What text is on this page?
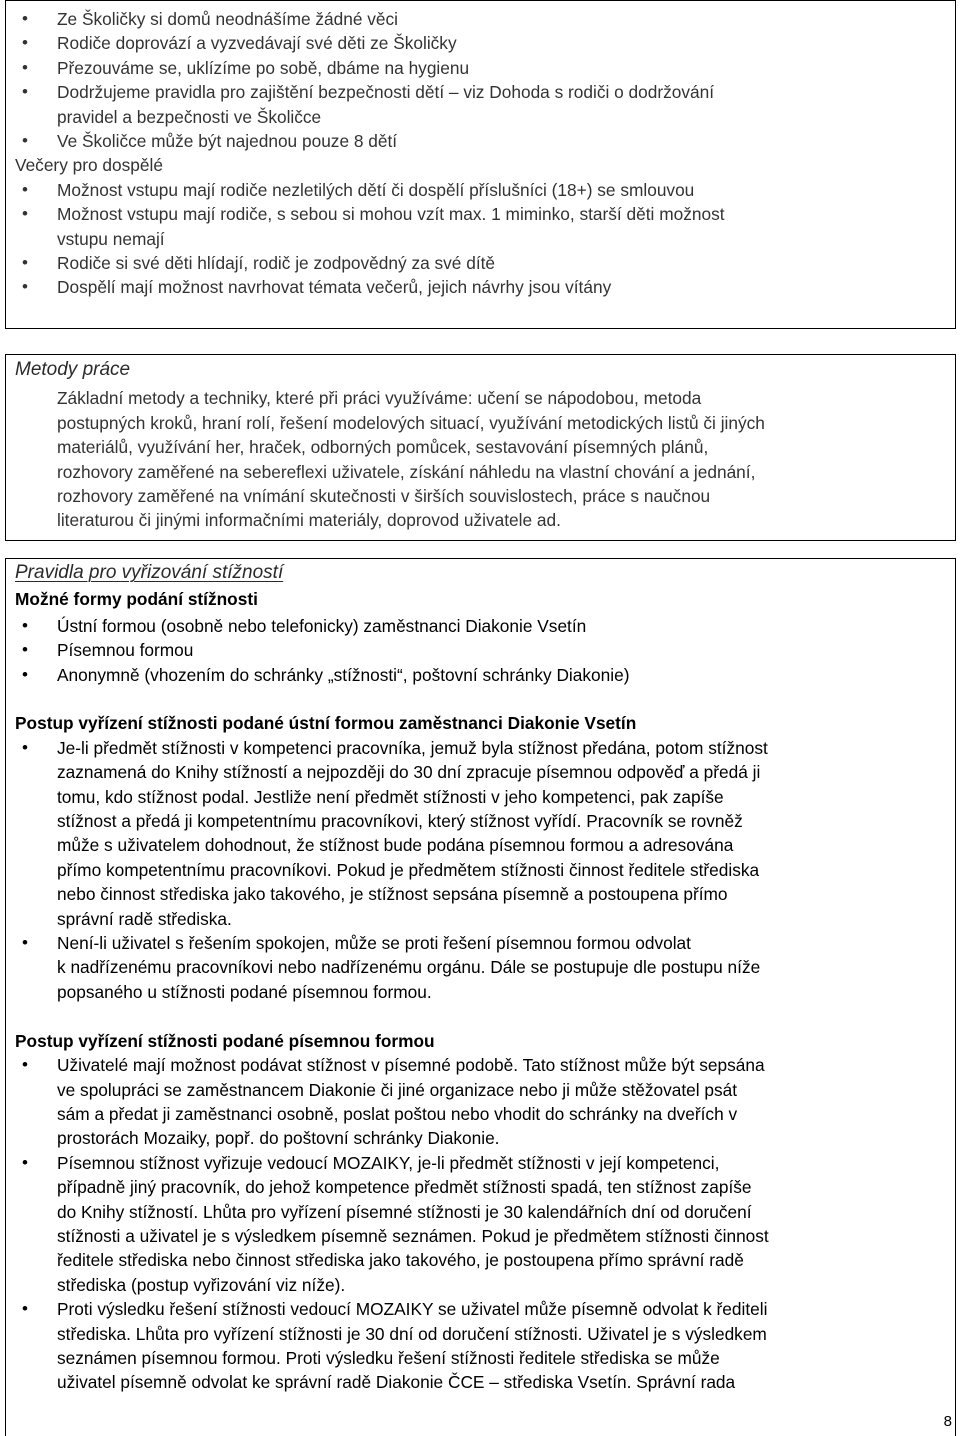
• Ze Školičky si domů neodnášíme žádné věci
• Rodiče doprovází a vyzvedávají své děti ze Školičky
• Přezouváme se, uklízíme po sobě, dbáme na hygienu
• Dodržujeme pravidla pro zajištění bezpečnosti dětí – viz Dohoda s rodiči o dodržování
pravidel a bezpečnosti ve Školičce
• Ve Školičce může být najednou pouze 8 dětí
Večery pro dospělé
• Možnost vstupu mají rodiče nezletilých dětí či dospělí příslušníci (18+) se smlouvou
• Možnost vstupu mají rodiče, s sebou si mohou vzít max. 1 miminko, starší děti možnost
vstupu nemají
• Rodiče si své děti hlídají, rodič je zodpovědný za své dítě
• Dospělí mají možnost navrhovat témata večerů, jejich návrhy jsou vítány
Metody práce
Základní metody a techniky, které při práci využíváme: učení se nápodobou, metoda
postupných kroků, hraní rolí, řešení modelových situací, využívání metodických listů či jiných
materiálů, využívání her, hraček, odborných pomůcek, sestavování písemných plánů,
rozhovory zaměřené na sebereflexi uživatele, získání náhledu na vlastní chování a jednání,
rozhovory zaměřené na vnímání skutečnosti v širších souvislostech, práce s naučnou
literaturou či jinými informačními materiály, doprovod uživatele ad.
Pravidla pro vyřizování stížností
Možné formy podání stížnosti
• Ústní formou (osobně nebo telefonicky) zaměstnanci Diakonie Vsetín
• Písemnou formou
• Anonymně (vhozením do schránky „stížnosti“, poštovní schránky Diakonie)
Postup vyřízení stížnosti podané ústní formou zaměstnanci Diakonie Vsetín
• Je-li předmět stížnosti v kompetenci pracovníka, jemuž byla stížnost předána, potom stížnost
zaznamená do Knihy stížností a nejpozději do 30 dní zpracuje písemnou odpověď a předá ji
tomu, kdo stížnost podal. Jestliže není předmět stížnosti v jeho kompetenci, pak zapíše
stížnost a předá ji kompetentnímu pracovníkovi, který stížnost vyřídí. Pracovník se rovněž
může s uživatelem dohodnout, že stížnost bude podána písemnou formou a adresována
přímo kompetentnímu pracovníkovi. Pokud je předmětem stížnosti činnost ředitele střediska
nebo činnost střediska jako takového, je stížnost sepsána písemně a postoupena přímo
správní radě střediska.
• Není-li uživatel s řešením spokojen, může se proti řešení písemnou formou odvolat
k nadřízenému pracovníkovi nebo nadřízenému orgánu. Dále se postupuje dle postupu níže
popsaného u stížnosti podané písemnou formou.
Postup vyřízení stížnosti podané písemnou formou
• Uživatelé mají možnost podávat stížnost v písemné podobě. Tato stížnost může být sepsána
ve spolupráci se zaměstnancem Diakonie či jiné organizace nebo ji může stěžovatel psát
sám a předat ji zaměstnanci osobně, poslat poštou nebo vhodit do schránky na dveřích v
prostorách Mozaiky, popř. do poštovní schránky Diakonie.
• Písemnou stížnost vyřizuje vedoucí MOZAIKY, je-li předmět stížnosti v její kompetenci,
případně jiný pracovník, do jehož kompetence předmět stížnosti spadá, ten stížnost zapíše
do Knihy stížností. Lhůta pro vyřízení písemné stížnosti je 30 kalendářních dní od doručení
stížnosti a uživatel je s výsledkem písemně seznámen. Pokud je předmětem stížnosti činnost
ředitele střediska nebo činnost střediska jako takového, je postoupena přímo správní radě
střediska (postup vyřizování viz níže).
• Proti výsledku řešení stížnosti vedoucí MOZAIKY se uživatel může písemně odvolat k řediteli
střediska. Lhůta pro vyřízení stížnosti je 30 dní od doručení stížnosti. Uživatel je s výsledkem
seznámen písemnou formou. Proti výsledku řešení stížnosti ředitele střediska se může
uživatel písemně odvolat ke správní radě Diakonie ČCE – střediska Vsetín. Správní rada
8
